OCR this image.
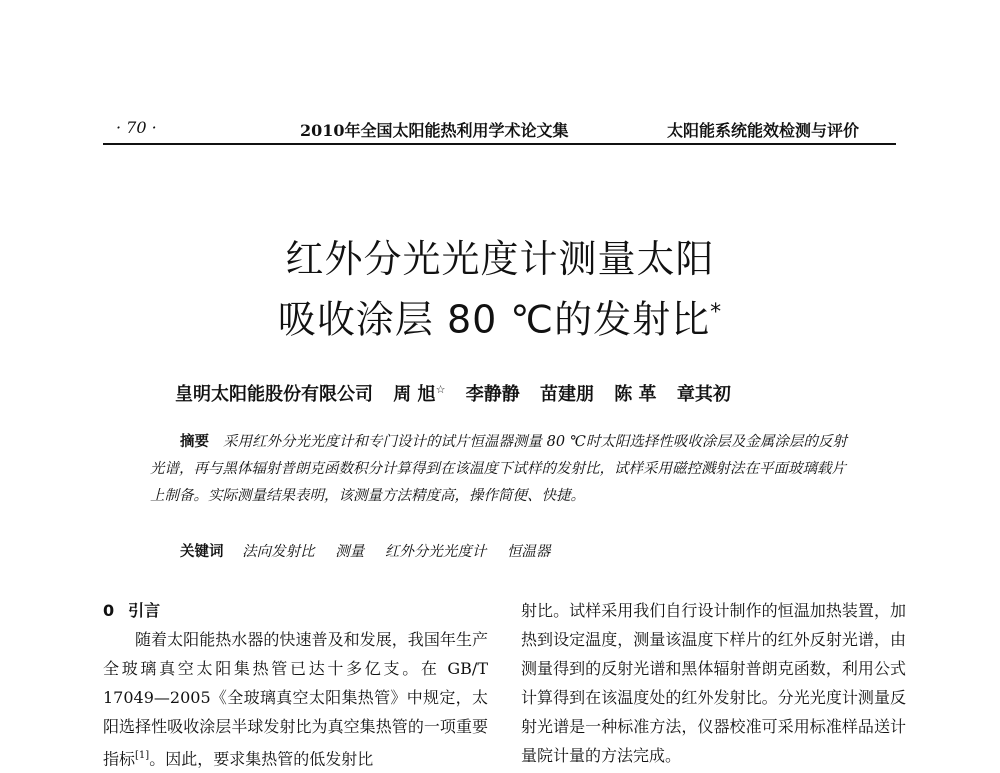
· 70 ·	2010年全国太阳能热利用学术论文集	太阳能系统能效检测与评价
红外分光光度计测量太阳
吸收涂层 80 ℃的发射比*
皇明太阳能股份有限公司 周 旭☆ 李静静 苗建朋 陈 革 章其初

摘要 采用红外分光光度计和专门设计的试片恒温器测量 80 ℃时太阳选择性吸收涂层及金属涂层的反射光谱，再与黑体辐射普朗克函数积分计算得到在该温度下试样的发射比，试样采用磁控溅射法在平面玻璃载片上制备。实际测量结果表明，该测量方法精度高，操作简便、快捷。

关键词 法向发射比 测量 红外分光光度计 恒温器
0 引言

随着太阳能热水器的快速普及和发展，我国年生产全玻璃真空太阳集热管已达十多亿支。在 GB/T 17049—2005《全玻璃真空太阳集热管》中规定，太阳选择性吸收涂层半球发射比为真空集热管的一项重要指标[1]。因此，要求集热管的低发射比

射比。试样采用我们自行设计制作的恒温加热装置，加热到设定温度，测量该温度下样片的红外反射光谱，由测量得到的反射光谱和黑体辐射普朗克函数，利用公式计算得到在该温度处的红外发射比。分光光度计测量反射光谱是一种标准方法，仪器校准可采用标准样品送计量院计量的方法完成。
